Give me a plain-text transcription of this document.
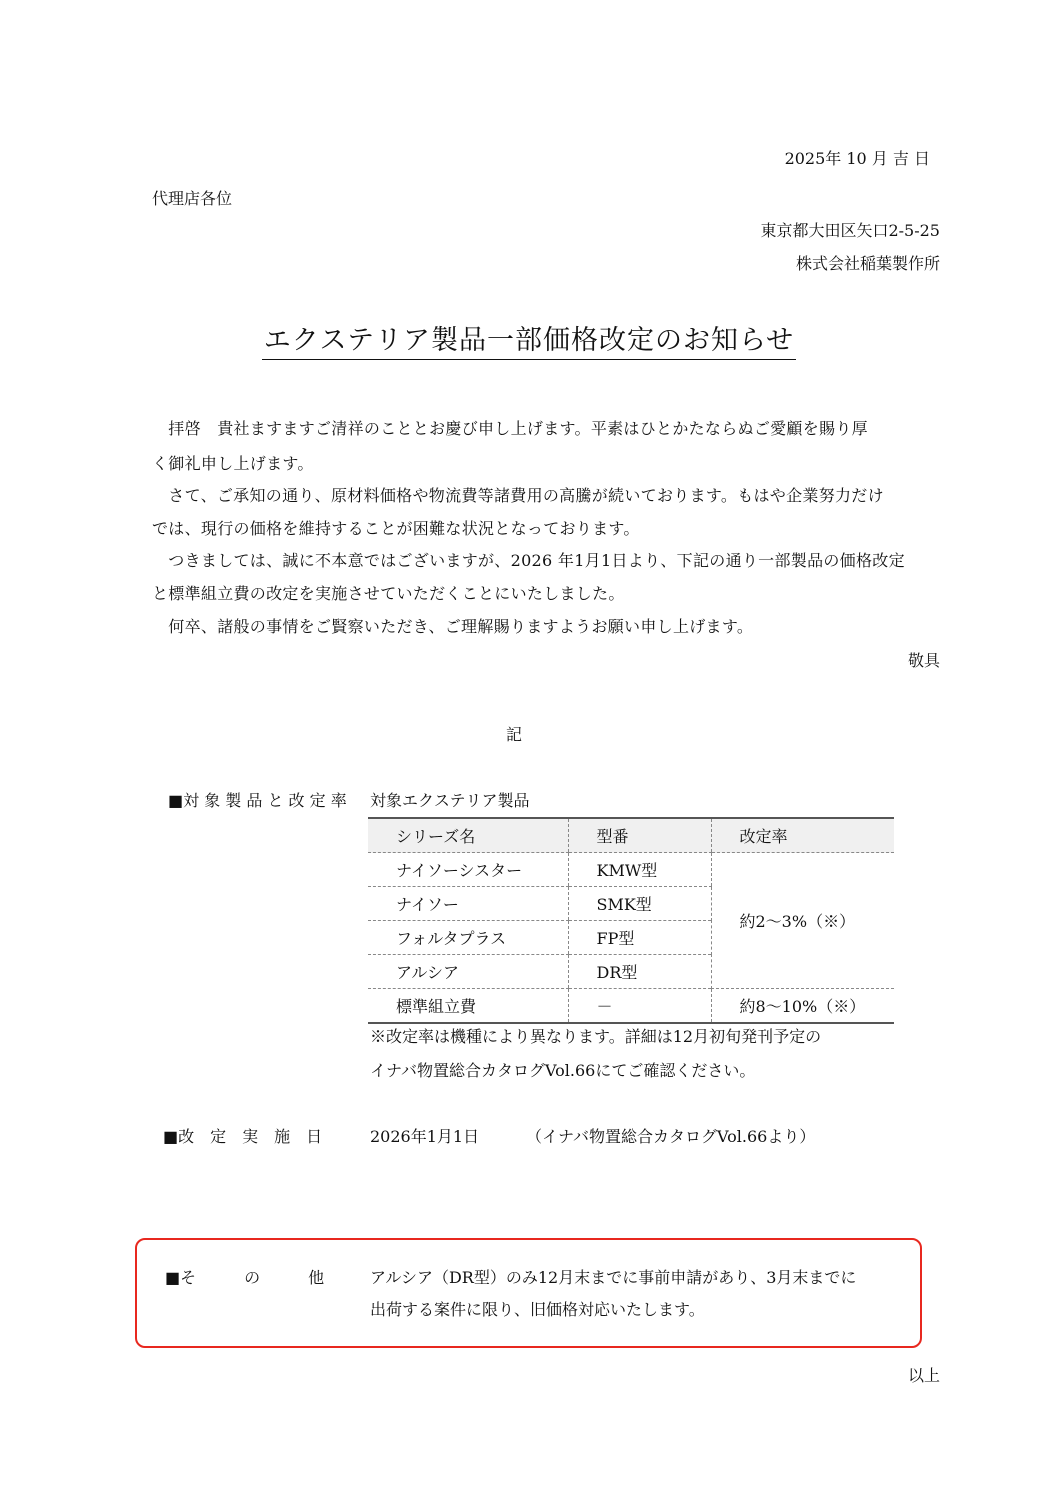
2025年 10 月 吉 日
代理店各位
東京都大田区矢口2-5-25
株式会社稲葉製作所
エクステリア製品一部価格改定のお知らせ
　拝啓　貴社ますますご清祥のこととお慶び申し上げます。平素はひとかたならぬご愛顧を賜り厚
く御礼申し上げます。
　さて、ご承知の通り、原材料価格や物流費等諸費用の高騰が続いております。もはや企業努力だけ
では、現行の価格を維持することが困難な状況となっております。
　つきましては、誠に不本意ではございますが、2026 年1月1日より、下記の通り一部製品の価格改定
と標準組立費の改定を実施させていただくことにいたしました。
　何卒、諸般の事情をご賢察いただき、ご理解賜りますようお願い申し上げます。
敬具
記
■対 象 製 品 と 改 定 率 対象エクステリア製品
シリーズ名	型番	改定率
ナイソーシスター	KMW型	約2～3%（※）
ナイソー	SMK型	
フォルタプラス	FP型	
アルシア	DR型	
標準組立費	－	約8～10%（※）
※改定率は機種により異なります。詳細は12月初旬発刊予定の
イナバ物置総合カタログVol.66にてご確認ください。
■改　定　実　施　日	2026年1月1日	（イナバ物置総合カタログVol.66より）
■そ　　　の　　　他	アルシア（DR型）のみ12月末までに事前申請があり、3月末までに
出荷する案件に限り、旧価格対応いたします。
以上
